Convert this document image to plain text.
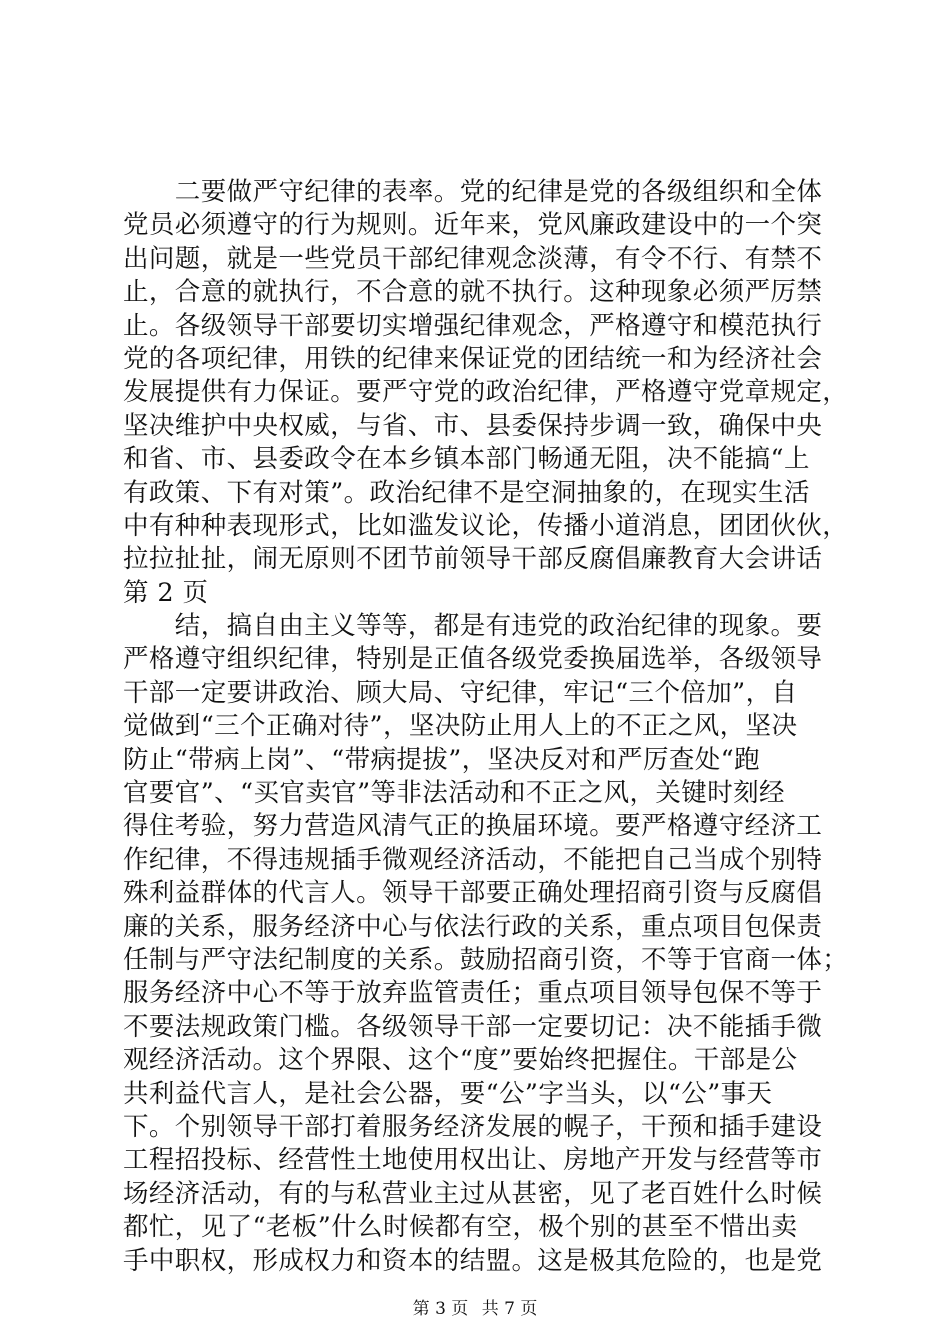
　　二要做严守纪律的表率。党的纪律是党的各级组织和全体
党员必须遵守的行为规则。近年来，党风廉政建设中的一个突
出问题，就是一些党员干部纪律观念淡薄，有令不行、有禁不
止，合意的就执行，不合意的就不执行。这种现象必须严厉禁
止。各级领导干部要切实增强纪律观念，严格遵守和模范执行
党的各项纪律，用铁的纪律来保证党的团结统一和为经济社会
发展提供有力保证。要严守党的政治纪律，严格遵守党章规定，
坚决维护中央权威，与省、市、县委保持步调一致，确保中央
和省、市、县委政令在本乡镇本部门畅通无阻，决不能搞“上
有政策、下有对策”。政治纪律不是空洞抽象的，在现实生活
中有种种表现形式，比如滥发议论，传播小道消息，团团伙伙，
拉拉扯扯，闹无原则不团节前领导干部反腐倡廉教育大会讲话
第 2 页
　　结，搞自由主义等等，都是有违党的政治纪律的现象。要
严格遵守组织纪律，特别是正值各级党委换届选举，各级领导
干部一定要讲政治、顾大局、守纪律，牢记“三个倍加”，自
觉做到“三个正确对待”，坚决防止用人上的不正之风，坚决
防止“带病上岗”、“带病提拔”，坚决反对和严厉查处“跑
官要官”、“买官卖官”等非法活动和不正之风，关键时刻经
得住考验，努力营造风清气正的换届环境。要严格遵守经济工
作纪律，不得违规插手微观经济活动，不能把自己当成个别特
殊利益群体的代言人。领导干部要正确处理招商引资与反腐倡
廉的关系，服务经济中心与依法行政的关系，重点项目包保责
任制与严守法纪制度的关系。鼓励招商引资，不等于官商一体；
服务经济中心不等于放弃监管责任；重点项目领导包保不等于
不要法规政策门槛。各级领导干部一定要切记：决不能插手微
观经济活动。这个界限、这个“度”要始终把握住。干部是公
共利益代言人，是社会公器，要“公”字当头，以“公”事天
下。个别领导干部打着服务经济发展的幌子，干预和插手建设
工程招投标、经营性土地使用权出让、房地产开发与经营等市
场经济活动，有的与私营业主过从甚密，见了老百姓什么时候
都忙，见了“老板”什么时候都有空，极个别的甚至不惜出卖
手中职权，形成权力和资本的结盟。这是极其危险的，也是党
第 3 页 共 7 页
